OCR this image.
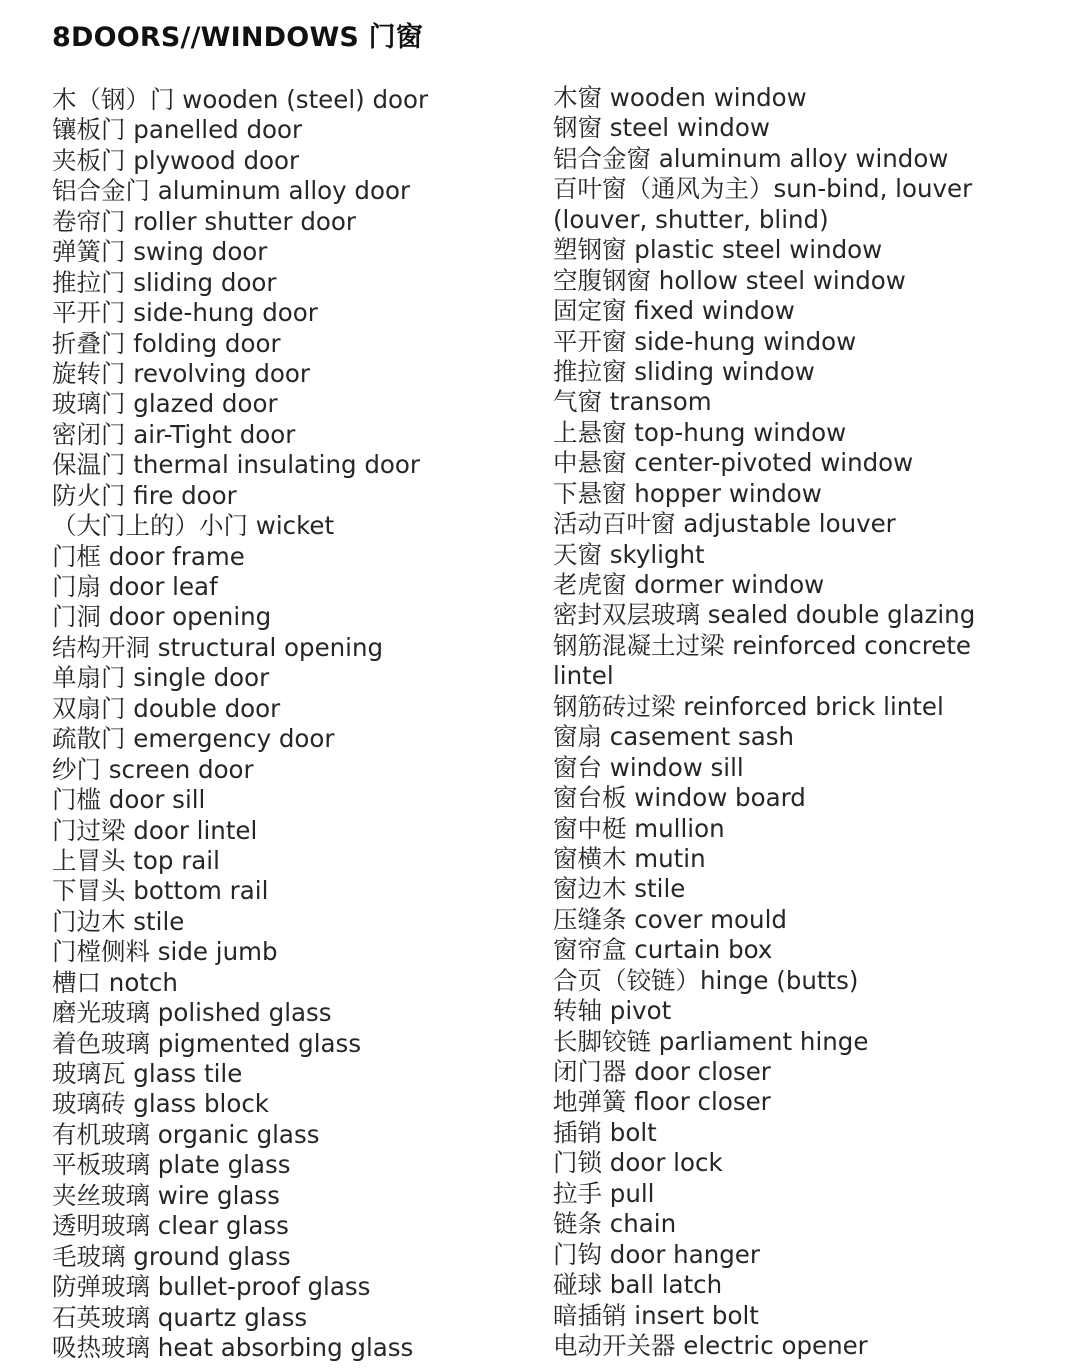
8DOORS//WINDOWS 门窗
木（钢）门 wooden (steel) door
镶板门 panelled door
夹板门 plywood door
铝合金门 aluminum alloy door
卷帘门 roller shutter door
弹簧门 swing door
推拉门 sliding door
平开门 side-hung door
折叠门 folding door
旋转门 revolving door
玻璃门 glazed door
密闭门 air-Tight door
保温门 thermal insulating door
防火门 fire door
（大门上的）小门 wicket
门框 door frame
门扇 door leaf
门洞 door opening
结构开洞 structural opening
单扇门 single door
双扇门 double door
疏散门 emergency door
纱门 screen door
门槛 door sill
门过梁 door lintel
上冒头 top rail
下冒头 bottom rail
门边木 stile
门樘侧料 side jumb
槽口 notch
磨光玻璃 polished glass
着色玻璃 pigmented glass
玻璃瓦 glass tile
玻璃砖 glass block
有机玻璃 organic glass
平板玻璃 plate glass
夹丝玻璃 wire glass
透明玻璃 clear glass
毛玻璃 ground glass
防弹玻璃 bullet-proof glass
石英玻璃 quartz glass
吸热玻璃 heat absorbing glass
木窗 wooden window
钢窗 steel window
铝合金窗 aluminum alloy window
百叶窗（通风为主）sun-bind, louver
(louver, shutter, blind)
塑钢窗 plastic steel window
空腹钢窗 hollow steel window
固定窗 fixed window
平开窗 side-hung window
推拉窗 sliding window
气窗 transom
上悬窗 top-hung window
中悬窗 center-pivoted window
下悬窗 hopper window
活动百叶窗 adjustable louver
天窗 skylight
老虎窗 dormer window
密封双层玻璃 sealed double glazing
钢筋混凝土过梁 reinforced concrete
lintel
钢筋砖过梁 reinforced brick lintel
窗扇 casement sash
窗台 window sill
窗台板 window board
窗中梃 mullion
窗横木 mutin
窗边木 stile
压缝条 cover mould
窗帘盒 curtain box
合页（铰链）hinge (butts)
转轴 pivot
长脚铰链 parliament hinge
闭门器 door closer
地弹簧 floor closer
插销 bolt
门锁 door lock
拉手 pull
链条 chain
门钩 door hanger
碰球 ball latch
暗插销 insert bolt
电动开关器 electric opener
